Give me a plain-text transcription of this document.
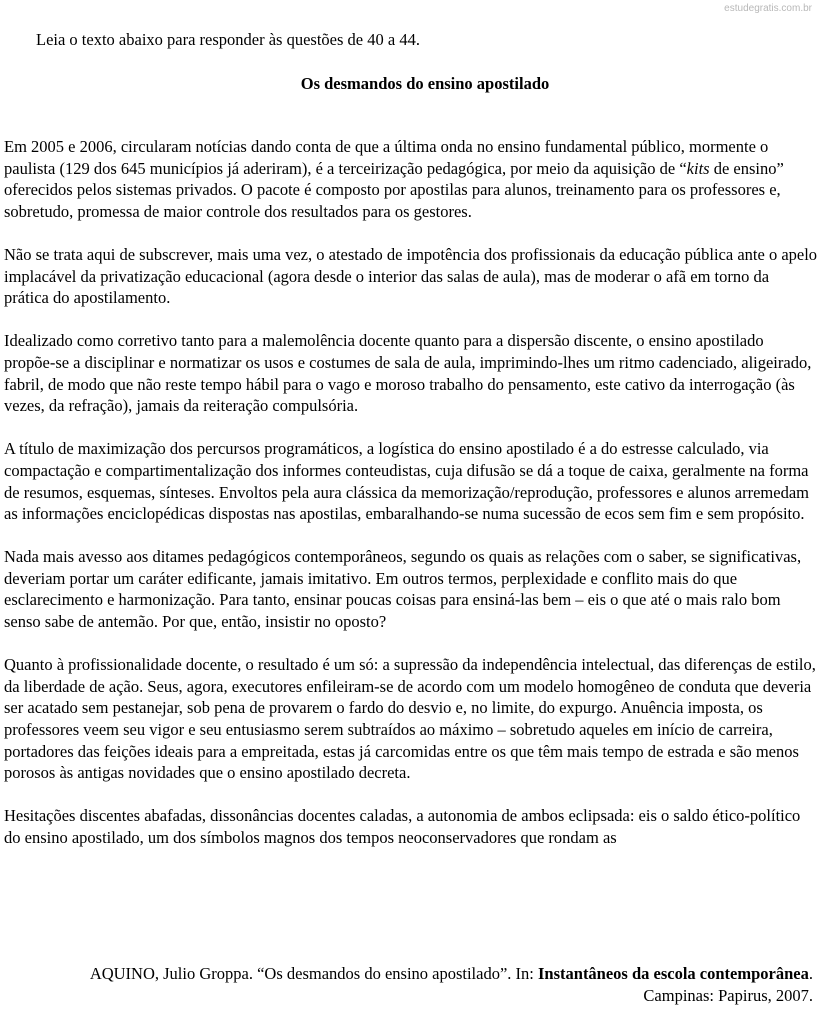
estudegratis.com.br
Leia o texto abaixo para responder às questões de 40 a 44.
Os desmandos do ensino apostilado

Em 2005 e 2006, circularam notícias dando conta de que a última onda no ensino fundamental público, mormente o paulista (129 dos 645 municípios já aderiram), é a terceirização pedagógica, por meio da aquisição de “kits de ensino” oferecidos pelos sistemas privados. O pacote é composto por apostilas para alunos, treinamento para os professores e, sobretudo, promessa de maior controle dos resultados para os gestores.

Não se trata aqui de subscrever, mais uma vez, o atestado de impotência dos profissionais da educação pública ante o apelo implacável da privatização educacional (agora desde o interior das salas de aula), mas de moderar o afã em torno da prática do apostilamento.

Idealizado como corretivo tanto para a malemolência docente quanto para a dispersão discente, o ensino apostilado propõe-se a disciplinar e normatizar os usos e costumes de sala de aula, imprimindo-lhes um ritmo cadenciado, aligeirado, fabril, de modo que não reste tempo hábil para o vago e moroso trabalho do pensamento, este cativo da interrogação (às vezes, da refração), jamais da reiteração compulsória.

A título de maximização dos percursos programáticos, a logística do ensino apostilado é a do estresse calculado, via compactação e compartimentalização dos informes conteudistas, cuja difusão se dá a toque de caixa, geralmente na forma de resumos, esquemas, sínteses. Envoltos pela aura clássica da memorização/reprodução, professores e alunos arremedam as informações enciclopédicas dispostas nas apostilas, embaralhando-se numa sucessão de ecos sem fim e sem propósito.

Nada mais avesso aos ditames pedagógicos contemporâneos, segundo os quais as relações com o saber, se significativas, deveriam portar um caráter edificante, jamais imitativo. Em outros termos, perplexidade e conflito mais do que esclarecimento e harmonização. Para tanto, ensinar poucas coisas para ensiná-las bem – eis o que até o mais ralo bom senso sabe de antemão. Por que, então, insistir no oposto?

Quanto à profissionalidade docente, o resultado é um só: a supressão da independência intelectual, das diferenças de estilo, da liberdade de ação. Seus, agora, executores enfileiram-se de acordo com um modelo homogêneo de conduta que deveria ser acatado sem pestanejar, sob pena de provarem o fardo do desvio e, no limite, do expurgo. Anuência imposta, os professores veem seu vigor e seu entusiasmo serem subtraídos ao máximo – sobretudo aqueles em início de carreira, portadores das feições ideais para a empreitada, estas já carcomidas entre os que têm mais tempo de estrada e são menos porosos às antigas novidades que o ensino apostilado decreta.

Hesitações discentes abafadas, dissonâncias docentes caladas, a autonomia de ambos eclipsada: eis o saldo ético-político do ensino apostilado, um dos símbolos magnos dos tempos neoconservadores que rondam as

AQUINO, Julio Groppa. “Os desmandos do ensino apostilado”. In: Instantâneos da escola contemporânea.
Campinas: Papirus, 2007.
